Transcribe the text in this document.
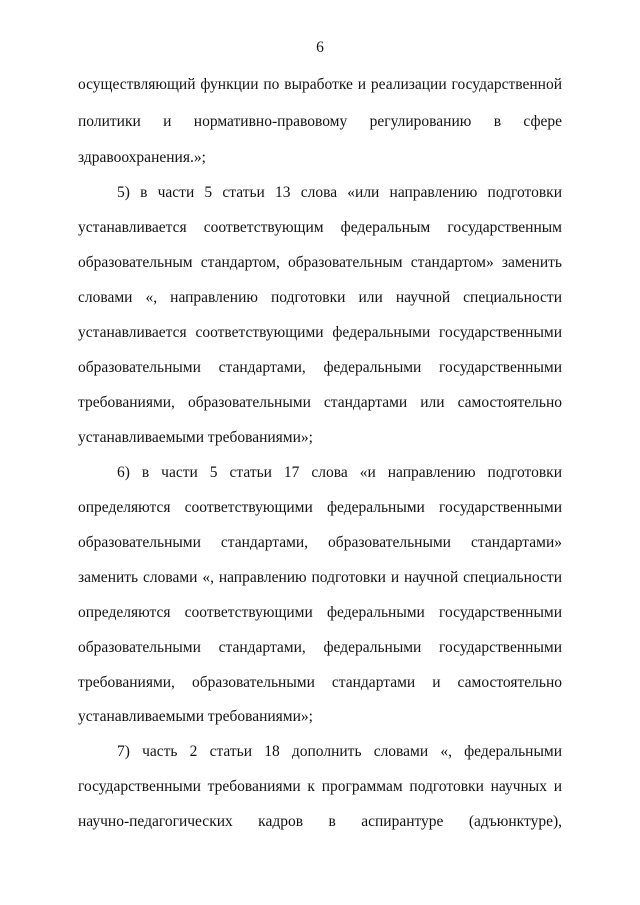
6
осуществляющий функции по выработке и реализации государственной
политики и нормативно-правовому регулированию в сфере
здравоохранения.»;
5) в части 5 статьи 13 слова «или направлению подготовки
устанавливается соответствующим федеральным государственным
образовательным стандартом, образовательным стандартом» заменить
словами «, направлению подготовки или научной специальности
устанавливается соответствующими федеральными государственными
образовательными стандартами, федеральными государственными
требованиями, образовательными стандартами или самостоятельно
устанавливаемыми требованиями»;
6) в части 5 статьи 17 слова «и направлению подготовки
определяются соответствующими федеральными государственными
образовательными стандартами, образовательными стандартами»
заменить словами «, направлению подготовки и научной специальности
определяются соответствующими федеральными государственными
образовательными стандартами, федеральными государственными
требованиями, образовательными стандартами и самостоятельно
устанавливаемыми требованиями»;
7) часть 2 статьи 18 дополнить словами «, федеральными
государственными требованиями к программам подготовки научных и
научно-педагогических кадров в аспирантуре (адъюнктуре),
